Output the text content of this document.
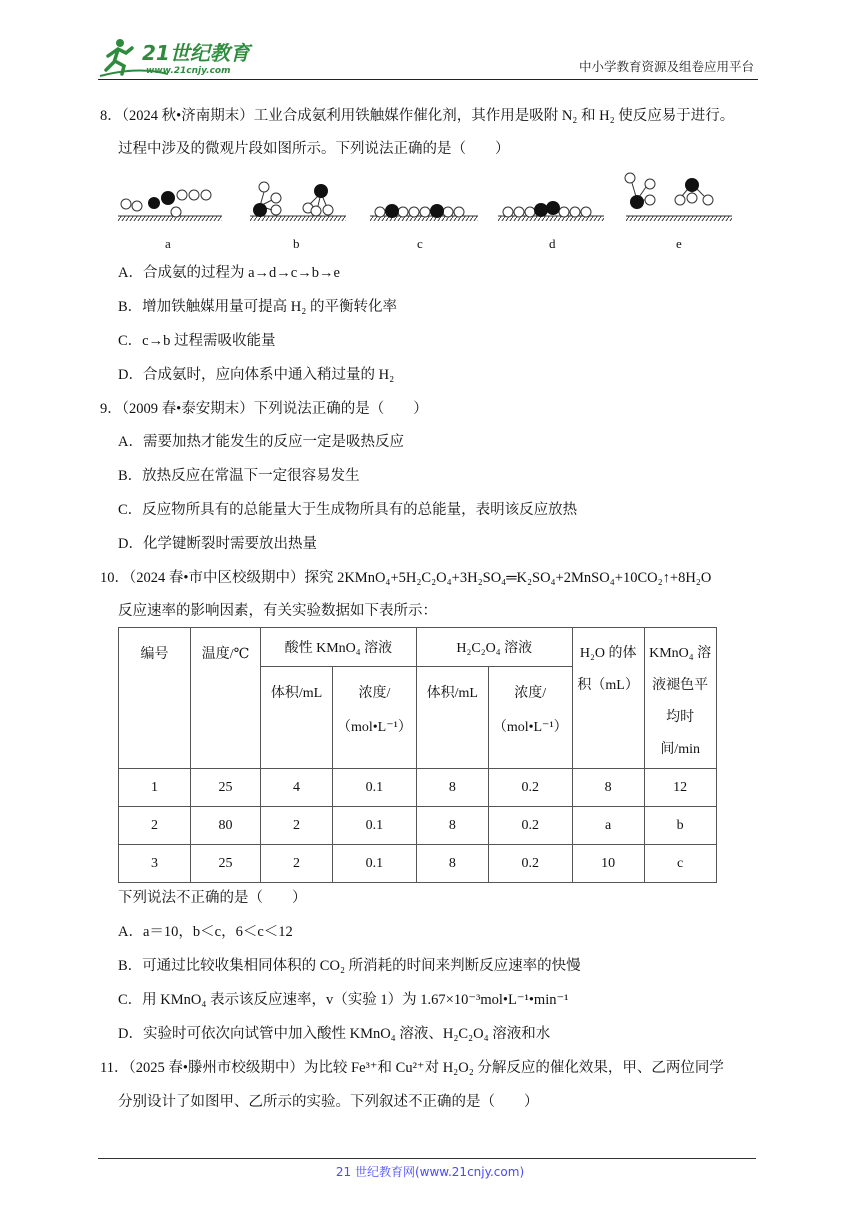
21世纪教育
www.21cnjy.com	中小学教育资源及组卷应用平台
8．（2024 秋•济南期末）工业合成氨利用铁触媒作催化剂，其作用是吸附 N₂ 和 H₂ 使反应易于进行。
过程中涉及的微观片段如图所示。下列说法正确的是（　　）
a	b	c	d	e
A．合成氨的过程为 a→d→c→b→e
B．增加铁触媒用量可提高 H₂ 的平衡转化率
C．c→b 过程需吸收能量
D．合成氨时，应向体系中通入稍过量的 H₂
9．（2009 春•泰安期末）下列说法正确的是（　　）
A．需要加热才能发生的反应一定是吸热反应
B．放热反应在常温下一定很容易发生
C．反应物所具有的总能量大于生成物所具有的总能量，表明该反应放热
D．化学键断裂时需要放出热量
10．（2024 春•市中区校级期中）探究 2KMnO₄+5H₂C₂O₄+3H₂SO₄═K₂SO₄+2MnSO₄+10CO₂↑+8H₂O
反应速率的影响因素，有关实验数据如下表所示：
编号	温度/℃	酸性 KMnO₄ 溶液		H₂C₂O₄ 溶液		H₂O 的体积（mL）	KMnO₄ 溶液褪色平均时间/min
		体积/mL	浓度/（mol•L⁻¹）	体积/mL	浓度/（mol•L⁻¹）		
1	25	4	0.1	8	0.2	8	12
2	80	2	0.1	8	0.2	a	b
3	25	2	0.1	8	0.2	10	c
下列说法不正确的是（　　）
A．a＝10，b＜c，6＜c＜12
B．可通过比较收集相同体积的 CO₂ 所消耗的时间来判断反应速率的快慢
C．用 KMnO₄ 表示该反应速率，v（实验 1）为 1.67×10⁻³mol•L⁻¹•min⁻¹
D．实验时可依次向试管中加入酸性 KMnO₄ 溶液、H₂C₂O₄ 溶液和水
11．（2025 春•滕州市校级期中）为比较 Fe³⁺和 Cu²⁺对 H₂O₂ 分解反应的催化效果，甲、乙两位同学
分别设计了如图甲、乙所示的实验。下列叙述不正确的是（　　）
21 世纪教育网(www.21cnjy.com)
